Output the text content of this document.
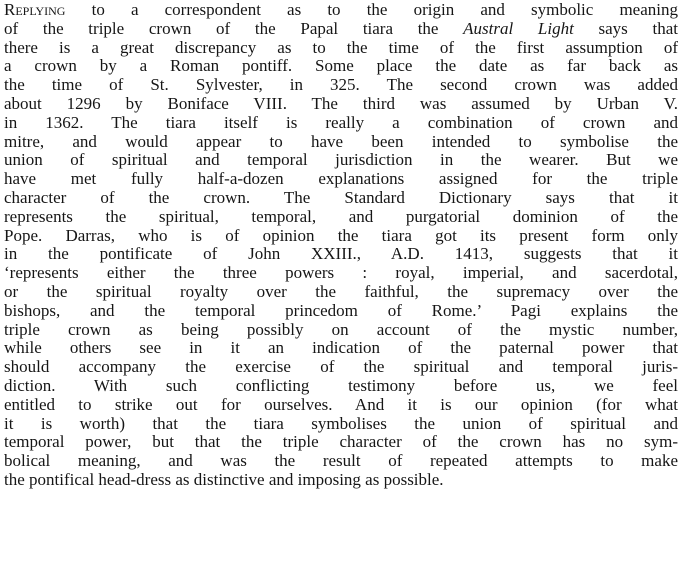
Replying to a correspondent as to the origin and symbolic meaning
of the triple crown of the Papal tiara the Austral Light says that
there is a great discrepancy as to the time of the first assumption of
a crown by a Roman pontiff. Some place the date as far back as
the time of St. Sylvester, in 325. The second crown was added
about 1296 by Boniface VIII. The third was assumed by Urban V.
in 1362. The tiara itself is really a combination of crown and
mitre, and would appear to have been intended to symbolise the
union of spiritual and temporal jurisdiction in the wearer. But we
have met fully half-a-dozen explanations assigned for the triple
character of the crown. The Standard Dictionary says that it
represents the spiritual, temporal, and purgatorial dominion of the
Pope. Darras, who is of opinion the tiara got its present form only
in the pontificate of John XXIII., A.D. 1413, suggests that it
‘represents either the three powers : royal, imperial, and sacerdotal,
or the spiritual royalty over the faithful, the supremacy over the
bishops, and the temporal princedom of Rome.’ Pagi explains the
triple crown as being possibly on account of the mystic number,
while others see in it an indication of the paternal power that
should accompany the exercise of the spiritual and temporal juris-
diction. With such conflicting testimony before us, we feel
entitled to strike out for ourselves. And it is our opinion (for what
it is worth) that the tiara symbolises the union of spiritual and
temporal power, but that the triple character of the crown has no sym-
bolical meaning, and was the result of repeated attempts to make
the pontifical head-dress as distinctive and imposing as possible.
